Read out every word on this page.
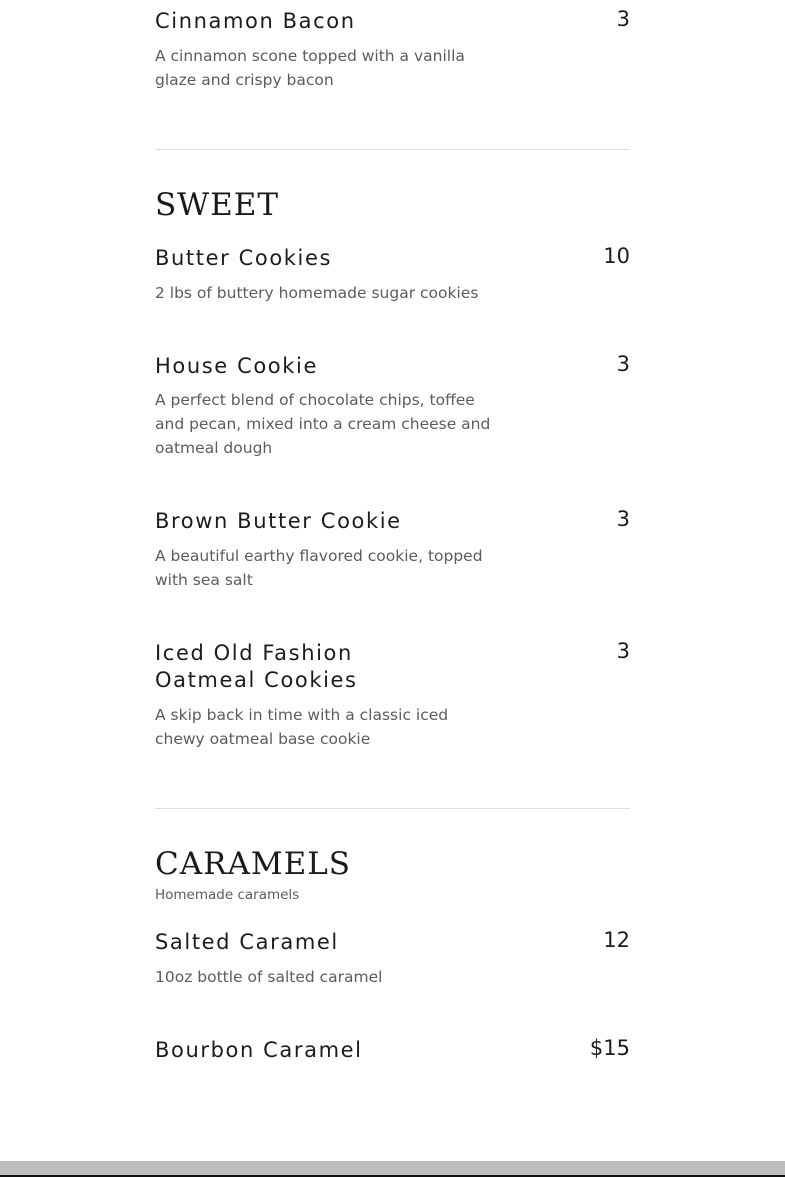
Cinnamon Bacon	3
A cinnamon scone topped with a vanilla glaze and crispy bacon
SWEET
Butter Cookies	10
2 lbs of buttery homemade sugar cookies
House Cookie	3
A perfect blend of chocolate chips, toffee and pecan, mixed into a cream cheese and oatmeal dough
Brown Butter Cookie	3
A beautiful earthy flavored cookie, topped with sea salt
Iced Old Fashion Oatmeal Cookies
3
A skip back in time with a classic iced chewy oatmeal base cookie
CARAMELS
Homemade caramels
Salted Caramel	12
10oz bottle of salted caramel
Bourbon Caramel	$15
